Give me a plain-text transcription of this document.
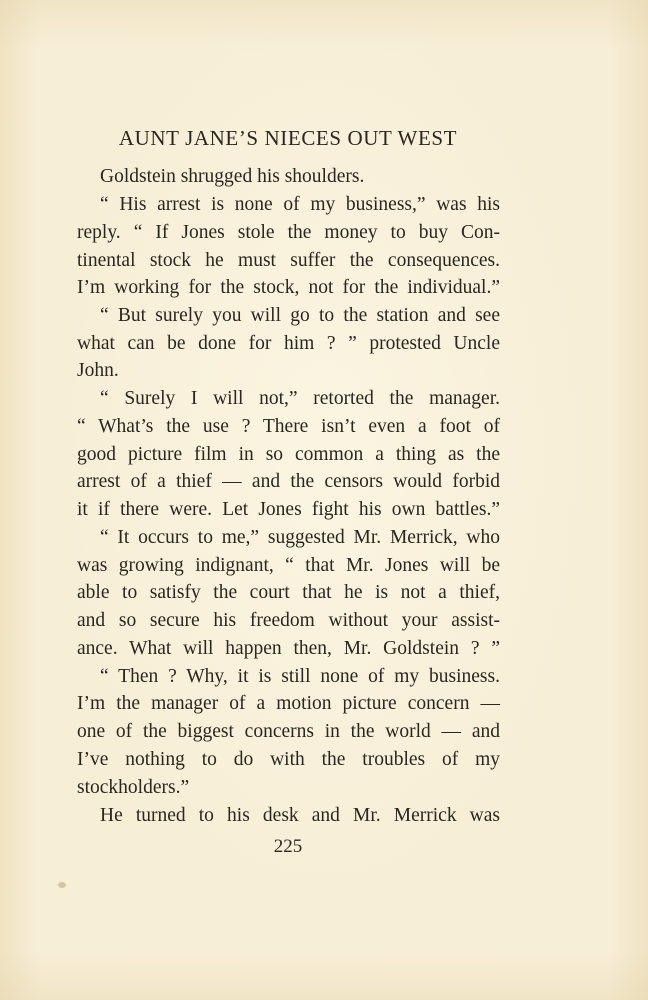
AUNT JANE’S NIECES OUT WEST
Goldstein shrugged his shoulders.
“ His arrest is none of my business,” was his
reply. “ If Jones stole the money to buy Con-
tinental stock he must suffer the consequences.
I’m working for the stock, not for the individual.”
“ But surely you will go to the station and see
what can be done for him ? ” protested Uncle
John.
“ Surely I will not,” retorted the manager.
“ What’s the use ? There isn’t even a foot of
good picture film in so common a thing as the
arrest of a thief — and the censors would forbid
it if there were. Let Jones fight his own battles.”
“ It occurs to me,” suggested Mr. Merrick, who
was growing indignant, “ that Mr. Jones will be
able to satisfy the court that he is not a thief,
and so secure his freedom without your assist-
ance. What will happen then, Mr. Goldstein ? ”
“ Then ? Why, it is still none of my business.
I’m the manager of a motion picture concern —
one of the biggest concerns in the world — and
I’ve nothing to do with the troubles of my
stockholders.”
He turned to his desk and Mr. Merrick was
225
